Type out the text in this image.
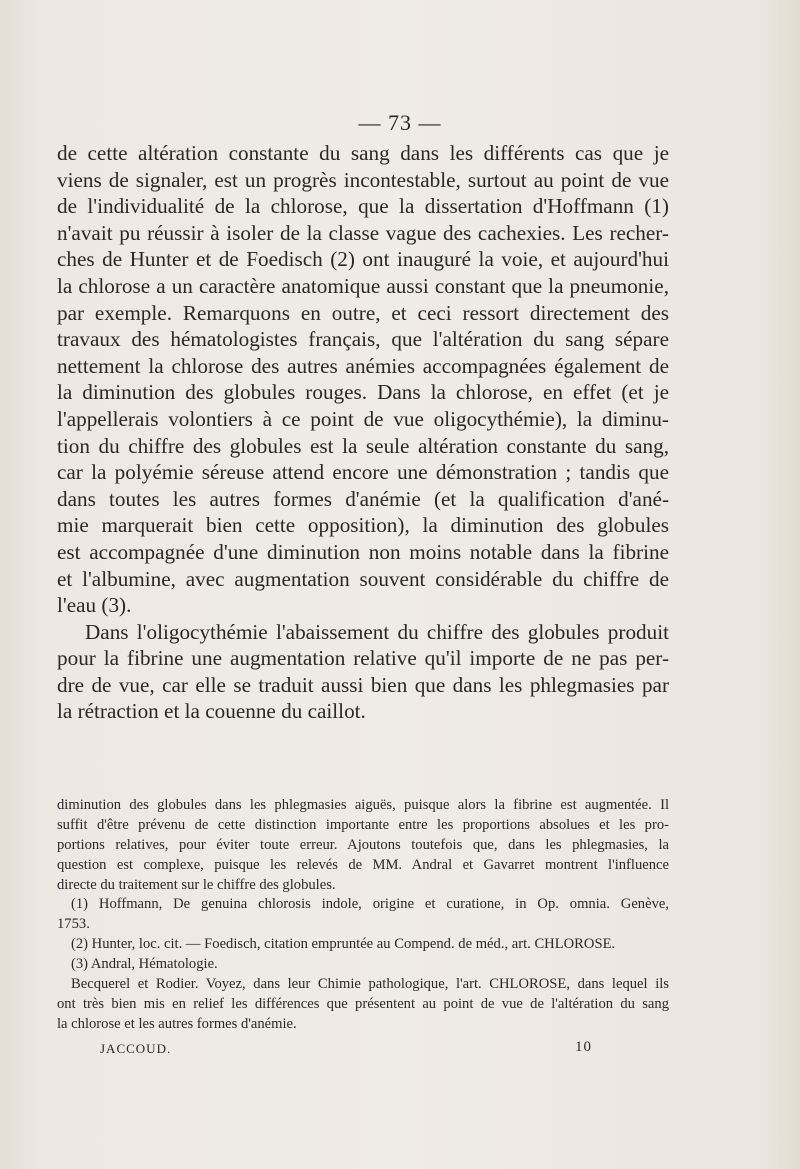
— 73 —
de cette altération constante du sang dans les différents cas que je
viens de signaler, est un progrès incontestable, surtout au point de vue
de l'individualité de la chlorose, que la dissertation d'Hoffmann (1)
n'avait pu réussir à isoler de la classe vague des cachexies. Les recher-
ches de Hunter et de Foedisch (2) ont inauguré la voie, et aujourd'hui
la chlorose a un caractère anatomique aussi constant que la pneumonie,
par exemple. Remarquons en outre, et ceci ressort directement des
travaux des hématologistes français, que l'altération du sang sépare
nettement la chlorose des autres anémies accompagnées également de
la diminution des globules rouges. Dans la chlorose, en effet (et je
l'appellerais volontiers à ce point de vue oligocythémie), la diminu-
tion du chiffre des globules est la seule altération constante du sang,
car la polyémie séreuse attend encore une démonstration ; tandis que
dans toutes les autres formes d'anémie (et la qualification d'ané-
mie marquerait bien cette opposition), la diminution des globules
est accompagnée d'une diminution non moins notable dans la fibrine
et l'albumine, avec augmentation souvent considérable du chiffre de
l'eau (3).
Dans l'oligocythémie l'abaissement du chiffre des globules produit
pour la fibrine une augmentation relative qu'il importe de ne pas per-
dre de vue, car elle se traduit aussi bien que dans les phlegmasies par
la rétraction et la couenne du caillot.
diminution des globules dans les phlegmasies aiguës, puisque alors la fibrine est augmentée. Il
suffit d'être prévenu de cette distinction importante entre les proportions absolues et les pro-
portions relatives, pour éviter toute erreur. Ajoutons toutefois que, dans les phlegmasies, la
question est complexe, puisque les relevés de MM. Andral et Gavarret montrent l'influence
directe du traitement sur le chiffre des globules.
(1) Hoffmann, De genuina chlorosis indole, origine et curatione, in Op. omnia. Genève,
1753.
(2) Hunter, loc. cit. — Foedisch, citation empruntée au Compend. de méd., art. CHLOROSE.
(3) Andral, Hématologie.
Becquerel et Rodier. Voyez, dans leur Chimie pathologique, l'art. CHLOROSE, dans lequel ils
ont très bien mis en relief les différences que présentent au point de vue de l'altération du sang
la chlorose et les autres formes d'anémie.
JACCOUD.	10
